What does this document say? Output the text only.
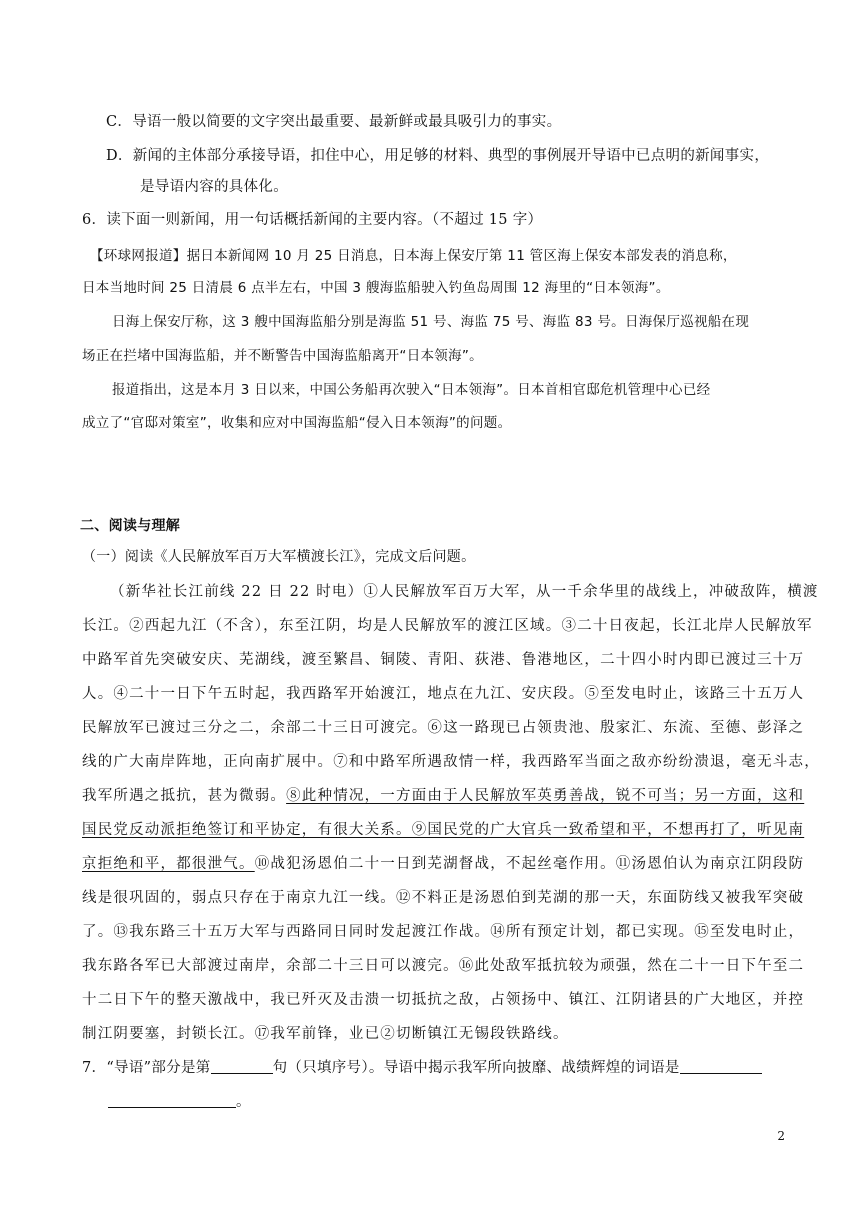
C．导语一般以简要的文字突出最重要、最新鲜或最具吸引力的事实。
D．新闻的主体部分承接导语，扣住中心，用足够的材料、典型的事例展开导语中已点明的新闻事实，
是导语内容的具体化。
6．读下面一则新闻，用一句话概括新闻的主要内容。（不超过 15 字）
【环球网报道】据日本新闻网 10 月 25 日消息，日本海上保安厅第 11 管区海上保安本部发表的消息称，
日本当地时间 25 日清晨 6 点半左右，中国 3 艘海监船驶入钓鱼岛周围 12 海里的“日本领海”。
日海上保安厅称，这 3 艘中国海监船分别是海监 51 号、海监 75 号、海监 83 号。日海保厅巡视船在现
场正在拦堵中国海监船，并不断警告中国海监船离开“日本领海”。
报道指出，这是本月 3 日以来，中国公务船再次驶入“日本领海”。日本首相官邸危机管理中心已经
成立了“官邸对策室”，收集和应对中国海监船“侵入日本领海”的问题。
二、阅读与理解
（一）阅读《人民解放军百万大军横渡长江》，完成文后问题。
（新华社长江前线 22 日 22 时电）①人民解放军百万大军，从一千余华里的战线上，冲破敌阵，横渡
长江。②西起九江（不含），东至江阴，均是人民解放军的渡江区域。③二十日夜起，长江北岸人民解放军
中路军首先突破安庆、芜湖线，渡至繁昌、铜陵、青阳、荻港、鲁港地区，二十四小时内即已渡过三十万
人。④二十一日下午五时起，我西路军开始渡江，地点在九江、安庆段。⑤至发电时止，该路三十五万人
民解放军已渡过三分之二，余部二十三日可渡完。⑥这一路现已占领贵池、殷家汇、东流、至德、彭泽之
线的广大南岸阵地，正向南扩展中。⑦和中路军所遇敌情一样，我西路军当面之敌亦纷纷溃退，毫无斗志，
我军所遇之抵抗，甚为微弱。⑧此种情况，一方面由于人民解放军英勇善战，锐不可当；另一方面，这和
国民党反动派拒绝签订和平协定，有很大关系。⑨国民党的广大官兵一致希望和平，不想再打了，听见南
京拒绝和平，都很泄气。⑩战犯汤恩伯二十一日到芜湖督战，不起丝毫作用。⑪汤恩伯认为南京江阴段防
线是很巩固的，弱点只存在于南京九江一线。⑫不料正是汤恩伯到芜湖的那一天，东面防线又被我军突破
了。⑬我东路三十五万大军与西路同日同时发起渡江作战。⑭所有预定计划，都已实现。⑮至发电时止，
我东路各军已大部渡过南岸，余部二十三日可以渡完。⑯此处敌军抵抗较为顽强，然在二十一日下午至二
十二日下午的整天激战中，我已歼灭及击溃一切抵抗之敌，占领扬中、镇江、江阴诸县的广大地区，并控
制江阴要塞，封锁长江。⑰我军前锋，业已②切断镇江无锡段铁路线。
7．“导语”部分是第	句（只填序号）。导语中揭示我军所向披靡、战绩辉煌的词语是
。
2
